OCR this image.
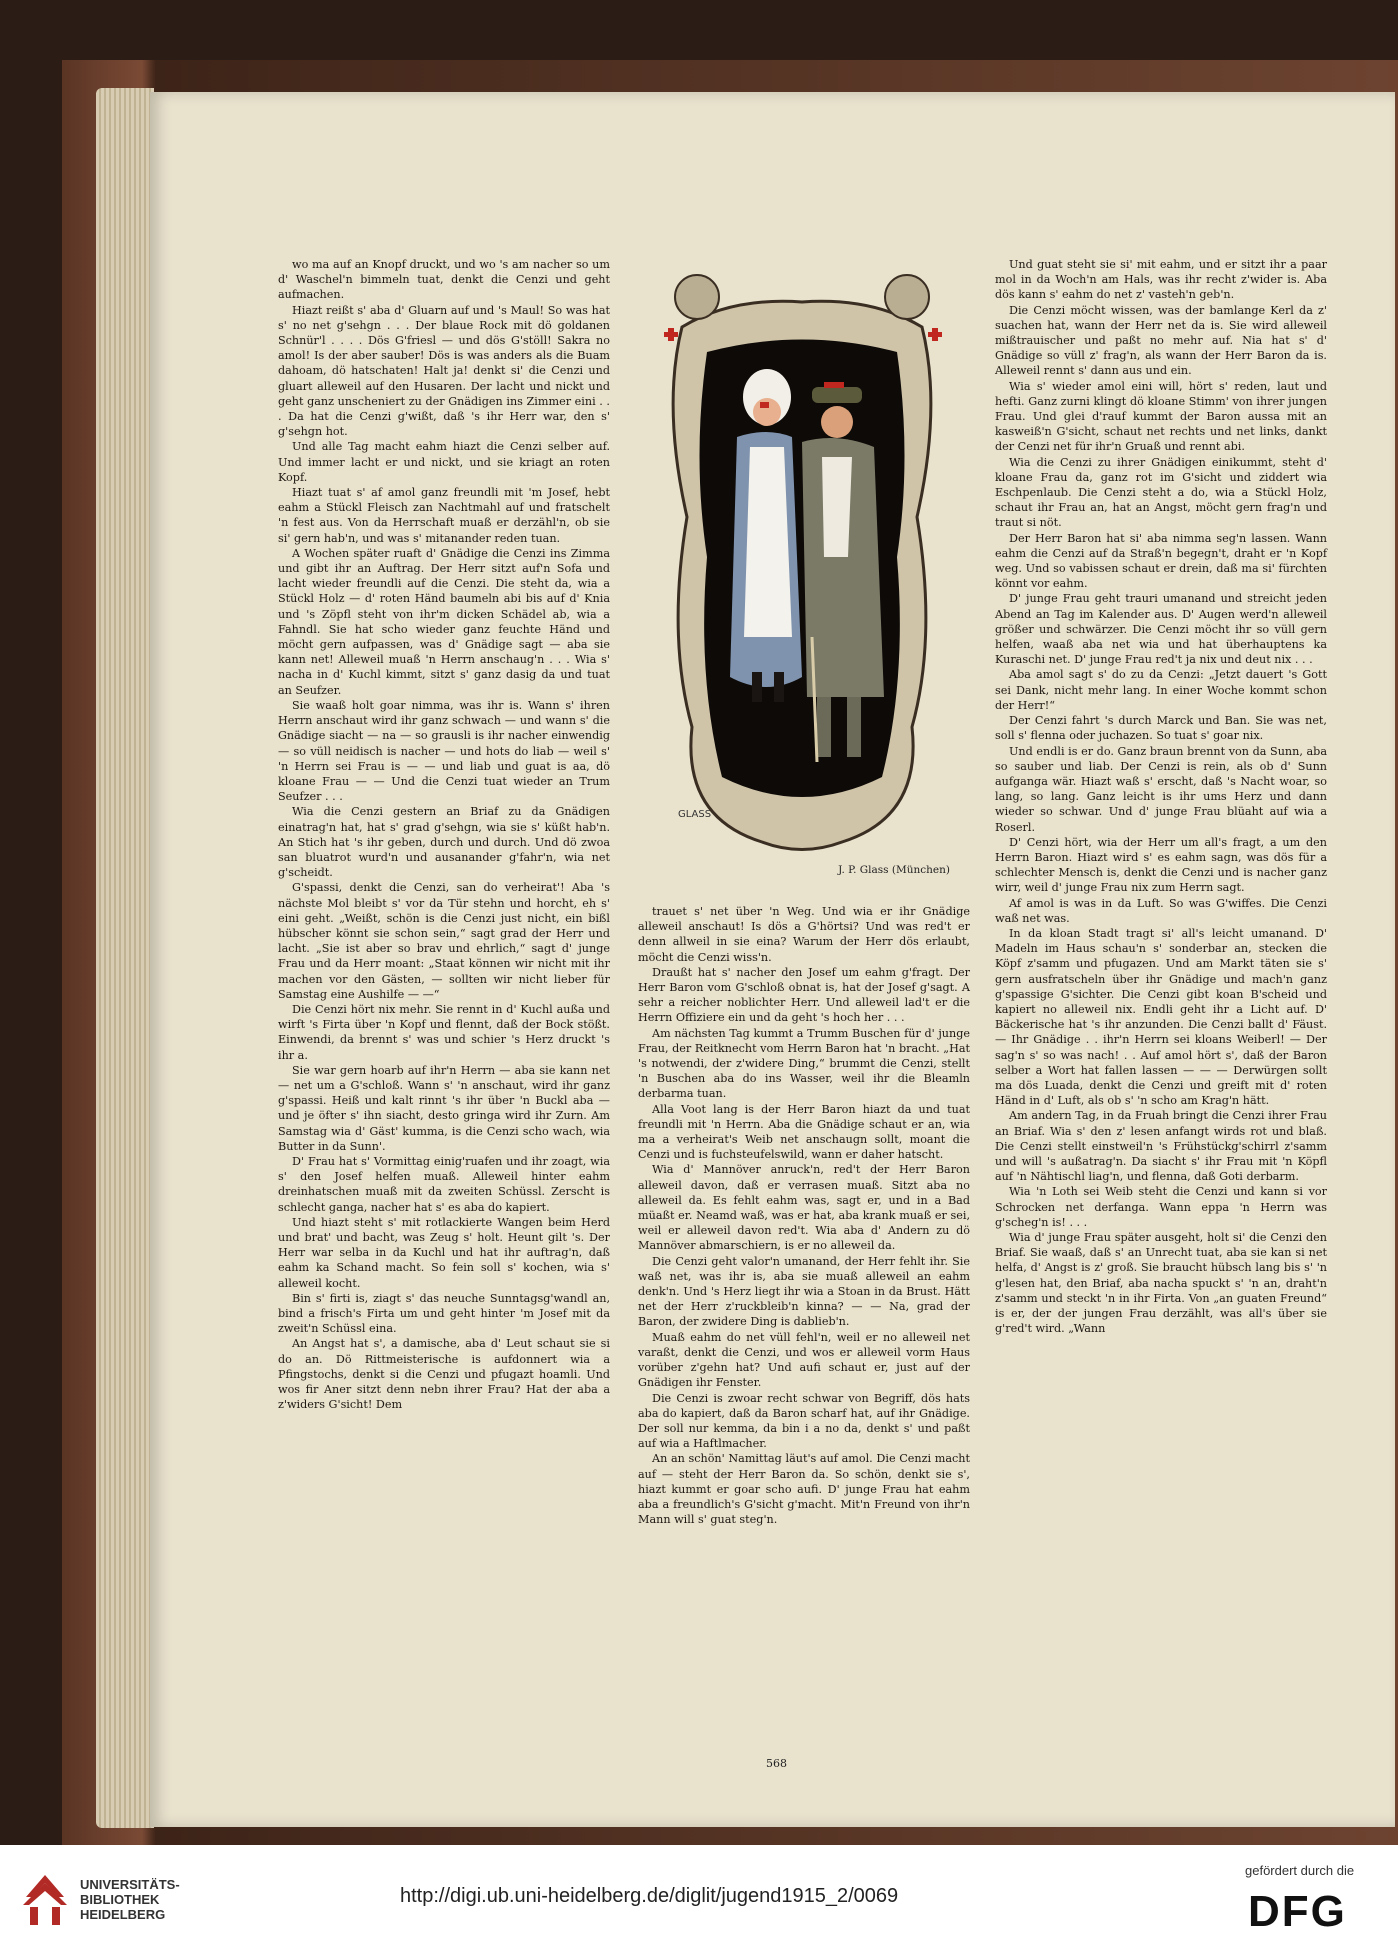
wo ma auf an Knopf druckt, und wo 's am nacher so um d' Waschel'n bimmeln tuat, denkt die Cenzi und geht aufmachen.

Hiazt reißt s' aba d' Gluarn auf und 's Maul! So was hat s' no net g'sehgn . . . Der blaue Rock mit dö goldanen Schnür'l . . . . Dös G'friesl — und dös G'stöll! Sakra no amol! Is der aber sauber! Dös is was anders als die Buam dahoam, dö hatschaten! Halt ja! denkt si' die Cenzi und gluart alleweil auf den Husaren. Der lacht und nickt und geht ganz unscheniert zu der Gnädigen ins Zimmer eini . . . Da hat die Cenzi g'wißt, daß 's ihr Herr war, den s' g'sehgn hot.

Und alle Tag macht eahm hiazt die Cenzi selber auf. Und immer lacht er und nickt, und sie kriagt an roten Kopf.

Hiazt tuat s' af amol ganz freundli mit 'm Josef, hebt eahm a Stückl Fleisch zan Nachtmahl auf und fratschelt 'n fest aus. Von da Herrschaft muaß er derzähl'n, ob sie si' gern hab'n, und was s' mitanander reden tuan.

A Wochen später ruaft d' Gnädige die Cenzi ins Zimma und gibt ihr an Auftrag. Der Herr sitzt auf'n Sofa und lacht wieder freundli auf die Cenzi. Die steht da, wia a Stückl Holz — d' roten Händ baumeln abi bis auf d' Knia und 's Zöpfl steht von ihr'm dicken Schädel ab, wia a Fahndl. Sie hat scho wieder ganz feuchte Händ und möcht gern aufpassen, was d' Gnädige sagt — aba sie kann net! Alleweil muaß 'n Herrn anschaug'n . . . Wia s' nacha in d' Kuchl kimmt, sitzt s' ganz dasig da und tuat an Seufzer.

Sie waaß holt goar nimma, was ihr is. Wann s' ihren Herrn anschaut wird ihr ganz schwach — und wann s' die Gnädige siacht — na — so grausli is ihr nacher einwendig — so vüll neidisch is nacher — und hots do liab — weil s' 'n Herrn sei Frau is — — und liab und guat is aa, dö kloane Frau — — Und die Cenzi tuat wieder an Trum Seufzer . . .

Wia die Cenzi gestern an Briaf zu da Gnädigen einatrag'n hat, hat s' grad g'sehgn, wia sie s' küßt hab'n. An Stich hat 's ihr geben, durch und durch. Und dö zwoa san bluatrot wurd'n und ausanander g'fahr'n, wia net g'scheidt.

G'spassi, denkt die Cenzi, san do verheirat'! Aba 's nächste Mol bleibt s' vor da Tür stehn und horcht, eh s' eini geht. „Weißt, schön is die Cenzi just nicht, ein bißl hübscher könnt sie schon sein,“ sagt grad der Herr und lacht. „Sie ist aber so brav und ehrlich,“ sagt d' junge Frau und da Herr moant: „Staat können wir nicht mit ihr machen vor den Gästen, — sollten wir nicht lieber für Samstag eine Aushilfe — —“

Die Cenzi hört nix mehr. Sie rennt in d' Kuchl außa und wirft 's Firta über 'n Kopf und flennt, daß der Bock stößt. Einwendi, da brennt s' was und schier 's Herz druckt 's ihr a.

Sie war gern hoarb auf ihr'n Herrn — aba sie kann net — net um a G'schloß. Wann s' 'n anschaut, wird ihr ganz g'spassi. Heiß und kalt rinnt 's ihr über 'n Buckl aba — und je öfter s' ihn siacht, desto gringa wird ihr Zurn. Am Samstag wia d' Gäst' kumma, is die Cenzi scho wach, wia Butter in da Sunn'.

D' Frau hat s' Vormittag einig'ruafen und ihr zoagt, wia s' den Josef helfen muaß. Alleweil hinter eahm dreinhatschen muaß mit da zweiten Schüssl. Zerscht is schlecht ganga, nacher hat s' es aba do kapiert.

Und hiazt steht s' mit rotlackierte Wangen beim Herd und brat' und bacht, was Zeug s' holt. Heunt gilt 's. Der Herr war selba in da Kuchl und hat ihr auftrag'n, daß eahm ka Schand macht. So fein soll s' kochen, wia s' alleweil kocht.

Bin s' firti is, ziagt s' das neuche Sunntagsg'wandl an, bind a frisch's Firta um und geht hinter 'm Josef mit da zweit'n Schüssl eina.

An Angst hat s', a damische, aba d' Leut schaut sie si do an. Dö Rittmeisterische is aufdonnert wia a Pfingstochs, denkt si die Cenzi und pfugazt hoamli. Und wos fir Aner sitzt denn nebn ihrer Frau? Hat der aba a z'widers G'sicht! Dem

GLASS
J. P. Glass (München)

trauet s' net über 'n Weg. Und wia er ihr Gnädige alleweil anschaut! Is dös a G'hörtsi? Und was red't er denn allweil in sie eina? Warum der Herr dös erlaubt, möcht die Cenzi wiss'n.

Draußt hat s' nacher den Josef um eahm g'fragt. Der Herr Baron vom G'schloß obnat is, hat der Josef g'sagt. A sehr a reicher noblichter Herr. Und alleweil lad't er die Herrn Offiziere ein und da geht 's hoch her . . .

Am nächsten Tag kummt a Trumm Buschen für d' junge Frau, der Reitknecht vom Herrn Baron hat 'n bracht. „Hat 's notwendi, der z'widere Ding,“ brummt die Cenzi, stellt 'n Buschen aba do ins Wasser, weil ihr die Bleamln derbarma tuan.

Alla Voot lang is der Herr Baron hiazt da und tuat freundli mit 'n Herrn. Aba die Gnädige schaut er an, wia ma a verheirat's Weib net anschaugn sollt, moant die Cenzi und is fuchsteufelswild, wann er daher hatscht.

Wia d' Mannöver anruck'n, red't der Herr Baron alleweil davon, daß er verrasen muaß. Sitzt aba no alleweil da. Es fehlt eahm was, sagt er, und in a Bad müaßt er. Neamd waß, was er hat, aba krank muaß er sei, weil er alleweil davon red't. Wia aba d' Andern zu dö Mannöver abmarschiern, is er no alleweil da.

Die Cenzi geht valor'n umanand, der Herr fehlt ihr. Sie waß net, was ihr is, aba sie muaß alleweil an eahm denk'n. Und 's Herz liegt ihr wia a Stoan in da Brust. Hätt net der Herr z'ruckbleib'n kinna? — — Na, grad der Baron, der zwidere Ding is dablieb'n.

Muaß eahm do net vüll fehl'n, weil er no alleweil net varaßt, denkt die Cenzi, und wos er alleweil vorm Haus vorüber z'gehn hat? Und aufi schaut er, just auf der Gnädigen ihr Fenster.

Die Cenzi is zwoar recht schwar von Begriff, dös hats aba do kapiert, daß da Baron scharf hat, auf ihr Gnädige. Der soll nur kemma, da bin i a no da, denkt s' und paßt auf wia a Haftlmacher.

An an schön' Namittag läut's auf amol. Die Cenzi macht auf — steht der Herr Baron da. So schön, denkt sie s', hiazt kummt er goar scho aufi. D' junge Frau hat eahm aba a freundlich's G'sicht g'macht. Mit'n Freund von ihr'n Mann will s' guat steg'n.

Und guat steht sie si' mit eahm, und er sitzt ihr a paar mol in da Woch'n am Hals, was ihr recht z'wider is. Aba dös kann s' eahm do net z' vasteh'n geb'n.

Die Cenzi möcht wissen, was der bamlange Kerl da z' suachen hat, wann der Herr net da is. Sie wird alleweil mißtrauischer und paßt no mehr auf. Nia hat s' d' Gnädige so vüll z' frag'n, als wann der Herr Baron da is. Alleweil rennt s' dann aus und ein.

Wia s' wieder amol eini will, hört s' reden, laut und hefti. Ganz zurni klingt dö kloane Stimm' von ihrer jungen Frau. Und glei d'rauf kummt der Baron aussa mit an kasweiß'n G'sicht, schaut net rechts und net links, dankt der Cenzi net für ihr'n Gruaß und rennt abi.

Wia die Cenzi zu ihrer Gnädigen einikummt, steht d' kloane Frau da, ganz rot im G'sicht und ziddert wia Eschpenlaub. Die Cenzi steht a do, wia a Stückl Holz, schaut ihr Frau an, hat an Angst, möcht gern frag'n und traut si nöt.

Der Herr Baron hat si' aba nimma seg'n lassen. Wann eahm die Cenzi auf da Straß'n begegn't, draht er 'n Kopf weg. Und so vabissen schaut er drein, daß ma si' fürchten könnt vor eahm.

D' junge Frau geht trauri umanand und streicht jeden Abend an Tag im Kalender aus. D' Augen werd'n alleweil größer und schwärzer. Die Cenzi möcht ihr so vüll gern helfen, waaß aba net wia und hat überhauptens ka Kuraschi net. D' junge Frau red't ja nix und deut nix . . .

Aba amol sagt s' do zu da Cenzi: „Jetzt dauert 's Gott sei Dank, nicht mehr lang. In einer Woche kommt schon der Herr!“

Der Cenzi fahrt 's durch Marck und Ban. Sie was net, soll s' flenna oder juchazen. So tuat s' goar nix.

Und endli is er do. Ganz braun brennt von da Sunn, aba so sauber und liab. Der Cenzi is rein, als ob d' Sunn aufganga wär. Hiazt waß s' erscht, daß 's Nacht woar, so lang, so lang. Ganz leicht is ihr ums Herz und dann wieder so schwar. Und d' junge Frau blüaht auf wia a Roserl.

D' Cenzi hört, wia der Herr um all's fragt, a um den Herrn Baron. Hiazt wird s' es eahm sagn, was dös für a schlechter Mensch is, denkt die Cenzi und is nacher ganz wirr, weil d' junge Frau nix zum Herrn sagt.

Af amol is was in da Luft. So was G'wiffes. Die Cenzi waß net was.

In da kloan Stadt tragt si' all's leicht umanand. D' Madeln im Haus schau'n s' sonderbar an, stecken die Köpf z'samm und pfugazen. Und am Markt täten sie s' gern ausfratscheln über ihr Gnädige und mach'n ganz g'spassige G'sichter. Die Cenzi gibt koan B'scheid und kapiert no alleweil nix. Endli geht ihr a Licht auf. D' Bäckerische hat 's ihr anzunden. Die Cenzi ballt d' Fäust. — Ihr Gnädige . . ihr'n Herrn sei kloans Weiberl! — Der sag'n s' so was nach! . . Auf amol hört s', daß der Baron selber a Wort hat fallen lassen — — — Derwürgen sollt ma dös Luada, denkt die Cenzi und greift mit d' roten Händ in d' Luft, als ob s' 'n scho am Krag'n hätt.

Am andern Tag, in da Fruah bringt die Cenzi ihrer Frau an Briaf. Wia s' den z' lesen anfangt wirds rot und blaß. Die Cenzi stellt einstweil'n 's Frühstückg'schirrl z'samm und will 's außatrag'n. Da siacht s' ihr Frau mit 'n Köpfl auf 'n Nähtischl liag'n, und flenna, daß Goti derbarm.

Wia 'n Loth sei Weib steht die Cenzi und kann si vor Schrocken net derfanga. Wann eppa 'n Herrn was g'scheg'n is! . . .

Wia d' junge Frau später ausgeht, holt si' die Cenzi den Briaf. Sie waaß, daß s' an Unrecht tuat, aba sie kan si net helfa, d' Angst is z' groß. Sie braucht hübsch lang bis s' 'n g'lesen hat, den Briaf, aba nacha spuckt s' 'n an, draht'n z'samm und steckt 'n in ihr Firta. Von „an guaten Freund“ is er, der der jungen Frau derzählt, was all's über sie g'red't wird. „Wann

568
UNIVERSITÄTS-
BIBLIOTHEK
HEIDELBERG
http://digi.ub.uni-heidelberg.de/diglit/jugend1915_2/0069
gefördert durch die
DFG
